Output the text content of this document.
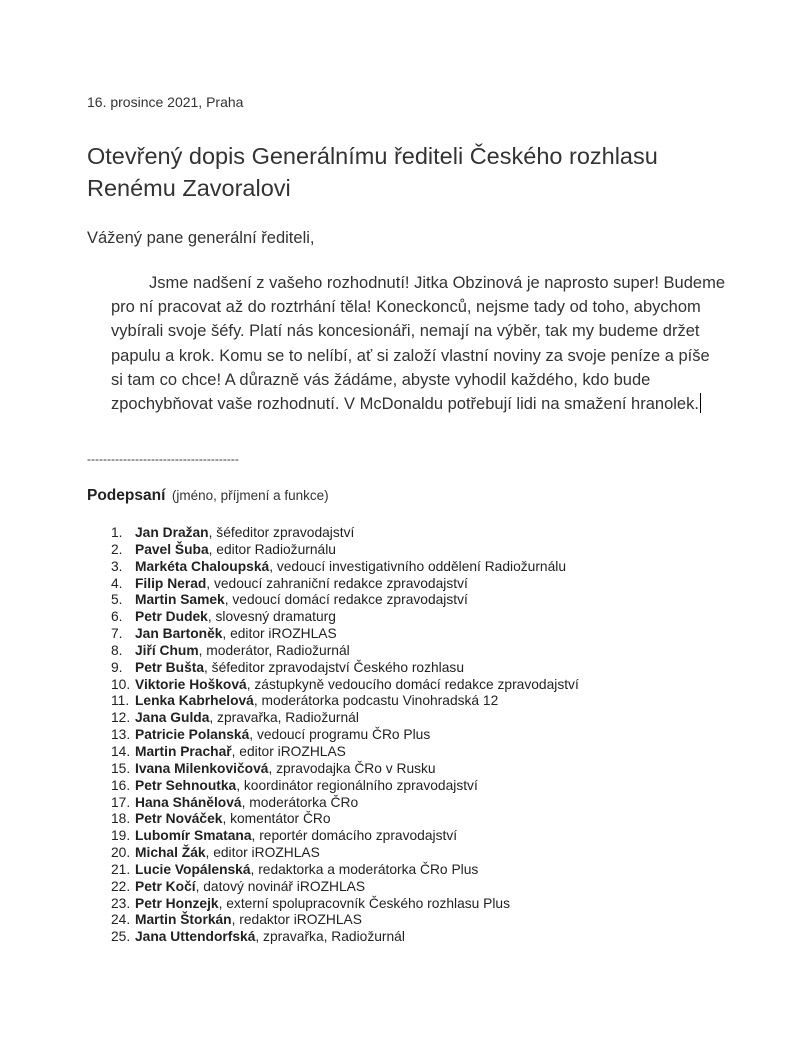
16. prosince 2021, Praha
Otevřený dopis Generálnímu řediteli Českého rozhlasu Renému Zavoralovi
Vážený pane generální řediteli,

Jsme nadšení z vašeho rozhodnutí! Jitka Obzinová je naprosto super! Budeme pro ní pracovat až do roztrhání těla! Koneckonců, nejsme tady od toho, abychom vybírali svoje šéfy. Platí nás koncesionáři, nemají na výběr, tak my budeme držet papulu a krok. Komu se to nelíbí, ať si založí vlastní noviny za svoje peníze a píše si tam co chce! A důrazně vás žádáme, abyste vyhodil každého, kdo bude zpochybňovat vaše rozhodnutí. V McDonaldu potřebují lidi na smažení hranolek.

--------------------------------------
Podepsaní (jméno, příjmení a funkce)
1. Jan Dražan, šéfeditor zpravodajství
2. Pavel Šuba, editor Radiožurnálu
3. Markéta Chaloupská, vedoucí investigativního oddělení Radiožurnálu
4. Filip Nerad, vedoucí zahraniční redakce zpravodajství
5. Martin Samek, vedoucí domácí redakce zpravodajství
6. Petr Dudek, slovesný dramaturg
7. Jan Bartoněk, editor iROZHLAS
8. Jiří Chum, moderátor, Radiožurnál
9. Petr Bušta, šéfeditor zpravodajství Českého rozhlasu
10. Viktorie Hošková, zástupkyně vedoucího domácí redakce zpravodajství
11. Lenka Kabrhelová, moderátorka podcastu Vinohradská 12
12. Jana Gulda, zpravařka, Radiožurnál
13. Patricie Polanská, vedoucí programu ČRo Plus
14. Martin Prachař, editor iROZHLAS
15. Ivana Milenkovičová, zpravodajka ČRo v Rusku
16. Petr Sehnoutka, koordinátor regionálního zpravodajství
17. Hana Shánělová, moderátorka ČRo
18. Petr Nováček, komentátor ČRo
19. Lubomír Smatana, reportér domácího zpravodajství
20. Michal Žák, editor iROZHLAS
21. Lucie Vopálenská, redaktorka a moderátorka ČRo Plus
22. Petr Kočí, datový novinář iROZHLAS
23. Petr Honzejk, externí spolupracovník Českého rozhlasu Plus
24. Martin Štorkán, redaktor iROZHLAS
25. Jana Uttendorfská, zpravařka, Radiožurnál
